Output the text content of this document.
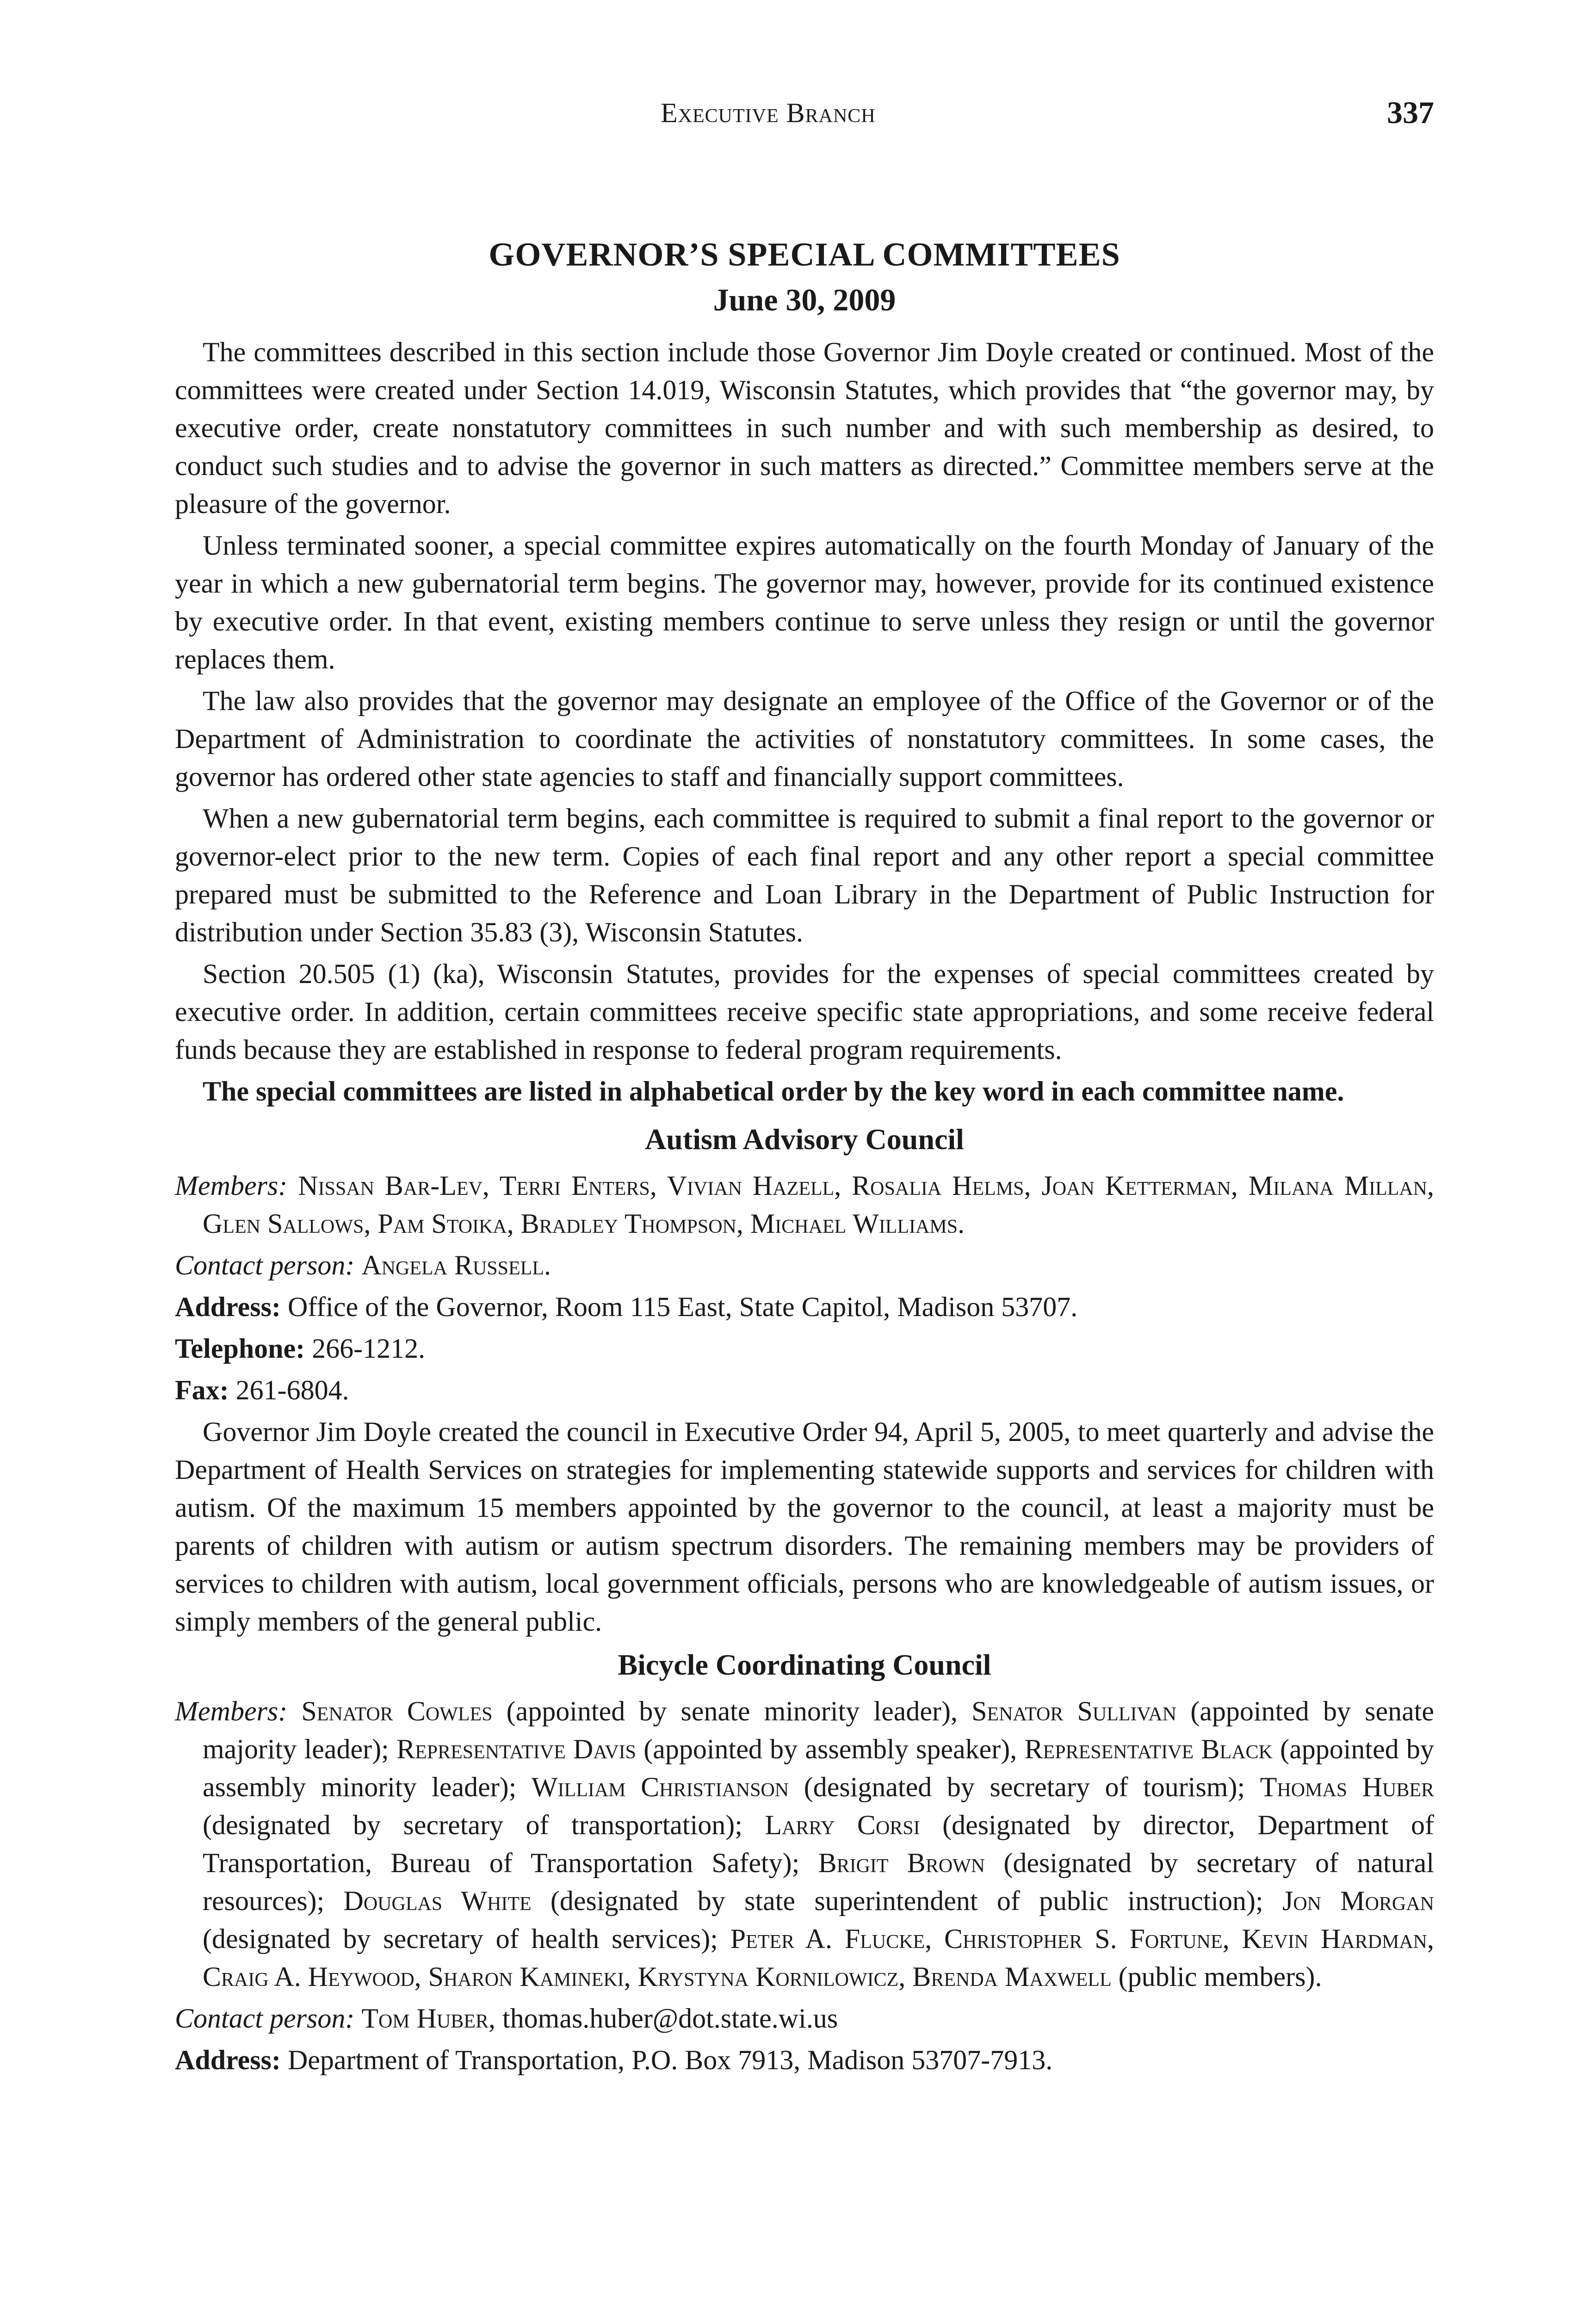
Executive Branch	337
GOVERNOR’S SPECIAL COMMITTEES
June 30, 2009

The committees described in this section include those Governor Jim Doyle created or continued. Most of the committees were created under Section 14.019, Wisconsin Statutes, which provides that “the governor may, by executive order, create nonstatutory committees in such number and with such membership as desired, to conduct such studies and to advise the governor in such matters as directed.” Committee members serve at the pleasure of the governor.

Unless terminated sooner, a special committee expires automatically on the fourth Monday of January of the year in which a new gubernatorial term begins. The governor may, however, provide for its continued existence by executive order. In that event, existing members continue to serve unless they resign or until the governor replaces them.

The law also provides that the governor may designate an employee of the Office of the Governor or of the Department of Administration to coordinate the activities of nonstatutory committees. In some cases, the governor has ordered other state agencies to staff and financially support committees.

When a new gubernatorial term begins, each committee is required to submit a final report to the governor or governor-elect prior to the new term. Copies of each final report and any other report a special committee prepared must be submitted to the Reference and Loan Library in the Department of Public Instruction for distribution under Section 35.83 (3), Wisconsin Statutes.

Section 20.505 (1) (ka), Wisconsin Statutes, provides for the expenses of special committees created by executive order. In addition, certain committees receive specific state appropriations, and some receive federal funds because they are established in response to federal program requirements.

The special committees are listed in alphabetical order by the key word in each committee name.

Autism Advisory Council
Members: Nissan Bar-Lev, Terri Enters, Vivian Hazell, Rosalia Helms, Joan Ketterman, Milana Millan, Glen Sallows, Pam Stoika, Bradley Thompson, Michael Williams.
Contact person: Angela Russell.
Address: Office of the Governor, Room 115 East, State Capitol, Madison 53707.
Telephone: 266-1212.
Fax: 261-6804.

Governor Jim Doyle created the council in Executive Order 94, April 5, 2005, to meet quarterly and advise the Department of Health Services on strategies for implementing statewide supports and services for children with autism. Of the maximum 15 members appointed by the governor to the council, at least a majority must be parents of children with autism or autism spectrum disorders. The remaining members may be providers of services to children with autism, local government officials, persons who are knowledgeable of autism issues, or simply members of the general public.

Bicycle Coordinating Council
Members: Senator Cowles (appointed by senate minority leader), Senator Sullivan (appointed by senate majority leader); Representative Davis (appointed by assembly speaker), Representative Black (appointed by assembly minority leader); William Christianson (designated by secretary of tourism); Thomas Huber (designated by secretary of transportation); Larry Corsi (designated by director, Department of Transportation, Bureau of Transportation Safety); Brigit Brown (designated by secretary of natural resources); Douglas White (designated by state superintendent of public instruction); Jon Morgan (designated by secretary of health services); Peter A. Flucke, Christopher S. Fortune, Kevin Hardman, Craig A. Heywood, Sharon Kamineki, Krystyna Kornilowicz, Brenda Maxwell (public members).
Contact person: Tom Huber, thomas.huber@dot.state.wi.us
Address: Department of Transportation, P.O. Box 7913, Madison 53707-7913.
